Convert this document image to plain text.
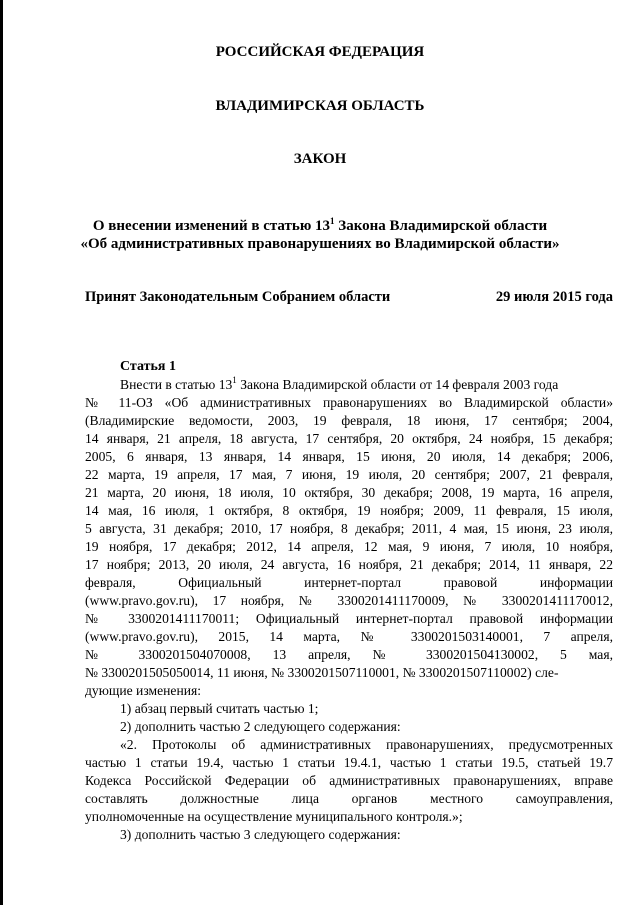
РОССИЙСКАЯ ФЕДЕРАЦИЯ
ВЛАДИМИРСКАЯ ОБЛАСТЬ
ЗАКОН
О внесении изменений в статью $13^1$ Закона Владимирской области
«Об административных правонарушениях во Владимирской области»
Принят Законодательным Собранием области	29 июля 2015 года
Статья 1
Внести в статью $13^1$ Закона Владимирской области от 14 февраля 2003 года
№ 11-ОЗ «Об административных правонарушениях во Владимирской области»
(Владимирские ведомости, 2003, 19 февраля, 18 июня, 17 сентября; 2004,
14 января, 21 апреля, 18 августа, 17 сентября, 20 октября, 24 ноября, 15 декабря;
2005, 6 января, 13 января, 14 января, 15 июня, 20 июля, 14 декабря; 2006,
22 марта, 19 апреля, 17 мая, 7 июня, 19 июля, 20 сентября; 2007, 21 февраля,
21 марта, 20 июня, 18 июля, 10 октября, 30 декабря; 2008, 19 марта, 16 апреля,
14 мая, 16 июля, 1 октября, 8 октября, 19 ноября; 2009, 11 февраля, 15 июля,
5 августа, 31 декабря; 2010, 17 ноября, 8 декабря; 2011, 4 мая, 15 июня, 23 июля,
19 ноября, 17 декабря; 2012, 14 апреля, 12 мая, 9 июня, 7 июля, 10 ноября,
17 ноября; 2013, 20 июля, 24 августа, 16 ноября, 21 декабря; 2014, 11 января, 22
февраля, Официальный интернет-портал правовой информации
(www.pravo.gov.ru), 17 ноября, № 3300201411170009, № 3300201411170012,
№ 3300201411170011; Официальный интернет-портал правовой информации
(www.pravo.gov.ru), 2015, 14 марта, № 3300201503140001, 7 апреля,
№ 3300201504070008, 13 апреля, № 3300201504130002, 5 мая,
№ 3300201505050014, 11 июня, № 3300201507110001, № 3300201507110002) сле-
дующие изменения:
1) абзац первый считать частью 1;
2) дополнить частью 2 следующего содержания:
«2. Протоколы об административных правонарушениях, предусмотренных
частью 1 статьи 19.4, частью 1 статьи 19.4.1, частью 1 статьи 19.5, статьей 19.7
Кодекса Российской Федерации об административных правонарушениях, вправе
составлять должностные лица органов местного самоуправления,
уполномоченные на осуществление муниципального контроля.»;
3) дополнить частью 3 следующего содержания:
